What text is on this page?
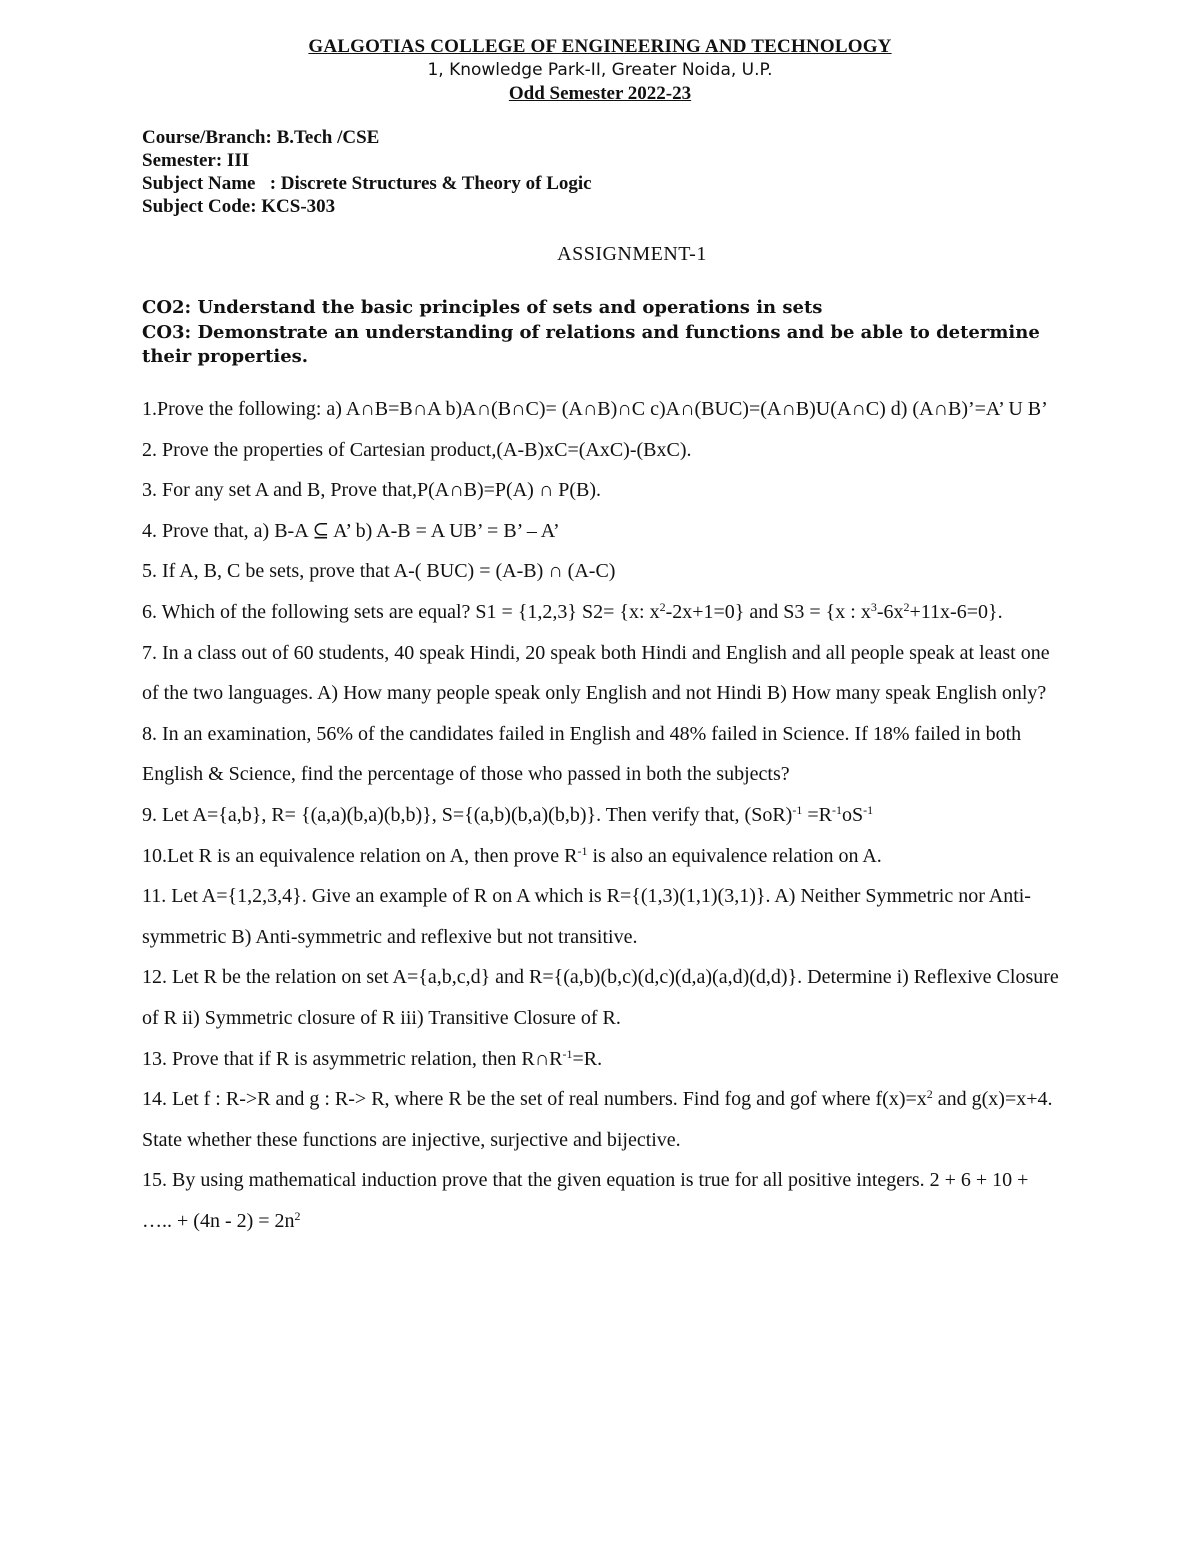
GALGOTIAS COLLEGE OF ENGINEERING AND TECHNOLOGY
1, Knowledge Park-II, Greater Noida, U.P.
Odd Semester 2022-23
Course/Branch: B.Tech /CSE
Semester: III
Subject Name   : Discrete Structures & Theory of Logic
Subject Code: KCS-303
ASSIGNMENT-1
CO2: Understand the basic principles of sets and operations in sets
CO3: Demonstrate an understanding of relations and functions and be able to determine their properties.
1.Prove the following: a) A∩B=B∩A b)A∩(B∩C)= (A∩B)∩C c)A∩(BUC)=(A∩B)U(A∩C) d) (A∩B)’=A’ U B’
2. Prove the properties of Cartesian product,(A-B)xC=(AxC)-(BxC).
3. For any set A and B, Prove that,P(A∩B)=P(A) ∩ P(B).
4. Prove that, a) B-A ⊆ A’ b) A-B = A UB’ = B’ – A’
5. If A, B, C be sets, prove that A-( BUC) = (A-B) ∩ (A-C)
6. Which of the following sets are equal? S1 = {1,2,3} S2= {x: $x^2-2x+1=0$} and S3 = {x : $x^3-6x^2+11x-6=0$}.
7. In a class out of 60 students, 40 speak Hindi, 20 speak both Hindi and English and all people speak at least one of the two languages. A) How many people speak only English and not Hindi B) How many speak English only?
8. In an examination, 56% of the candidates failed in English and 48% failed in Science. If 18% failed in both English & Science, find the percentage of those who passed in both the subjects?
9. Let A={a,b}, R= {(a,a)(b,a)(b,b)}, S={(a,b)(b,a)(b,b)}. Then verify that, $(SoR)^{-1} =R^{-1}oS^{-1}$
10.Let R is an equivalence relation on A, then prove $R^{-1}$ is also an equivalence relation on A.
11. Let A={1,2,3,4}. Give an example of R on A which is R={(1,3)(1,1)(3,1)}. A) Neither Symmetric nor Anti-symmetric B) Anti-symmetric and reflexive but not transitive.
12. Let R be the relation on set A={a,b,c,d} and R={(a,b)(b,c)(d,c)(d,a)(a,d)(d,d)}. Determine i) Reflexive Closure of R ii) Symmetric closure of R iii) Transitive Closure of R.
13. Prove that if R is asymmetric relation, then $R\cap R^{-1}=R$.
14. Let f : R->R and g : R-> R, where R be the set of real numbers. Find fog and gof where $f(x)=x^2$ and g(x)=x+4. State whether these functions are injective, surjective and bijective.
15. By using mathematical induction prove that the given equation is true for all positive integers. 2 + 6 + 10 + ….. + $(4n - 2) = 2n^2$
